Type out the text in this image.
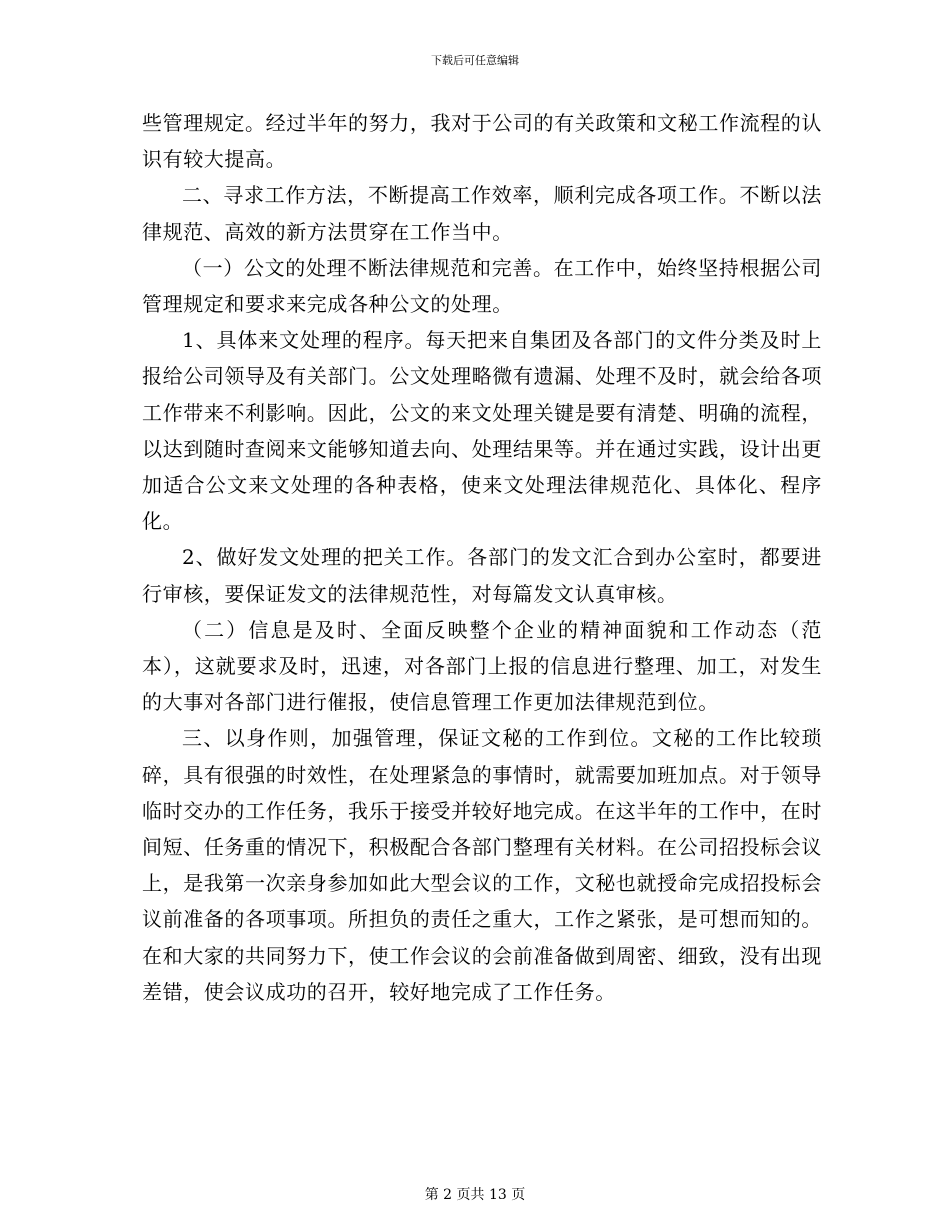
下载后可任意编辑

些管理规定。经过半年的努力，我对于公司的有关政策和文秘工作流程的认识有较大提高。

二、寻求工作方法，不断提高工作效率，顺利完成各项工作。不断以法律规范、高效的新方法贯穿在工作当中。

（一）公文的处理不断法律规范和完善。在工作中，始终坚持根据公司管理规定和要求来完成各种公文的处理。

1、具体来文处理的程序。每天把来自集团及各部门的文件分类及时上报给公司领导及有关部门。公文处理略微有遗漏、处理不及时，就会给各项工作带来不利影响。因此，公文的来文处理关键是要有清楚、明确的流程，以达到随时查阅来文能够知道去向、处理结果等。并在通过实践，设计出更加适合公文来文处理的各种表格，使来文处理法律规范化、具体化、程序化。

2、做好发文处理的把关工作。各部门的发文汇合到办公室时，都要进行审核，要保证发文的法律规范性，对每篇发文认真审核。

（二）信息是及时、全面反映整个企业的精神面貌和工作动态（范本），这就要求及时，迅速，对各部门上报的信息进行整理、加工，对发生的大事对各部门进行催报，使信息管理工作更加法律规范到位。

三、以身作则，加强管理，保证文秘的工作到位。文秘的工作比较琐碎，具有很强的时效性，在处理紧急的事情时，就需要加班加点。对于领导临时交办的工作任务，我乐于接受并较好地完成。在这半年的工作中，在时间短、任务重的情况下，积极配合各部门整理有关材料。在公司招投标会议上，是我第一次亲身参加如此大型会议的工作，文秘也就授命完成招投标会议前准备的各项事项。所担负的责任之重大，工作之紧张，是可想而知的。在和大家的共同努力下，使工作会议的会前准备做到周密、细致，没有出现差错，使会议成功的召开，较好地完成了工作任务。

第 2 页共 13 页
